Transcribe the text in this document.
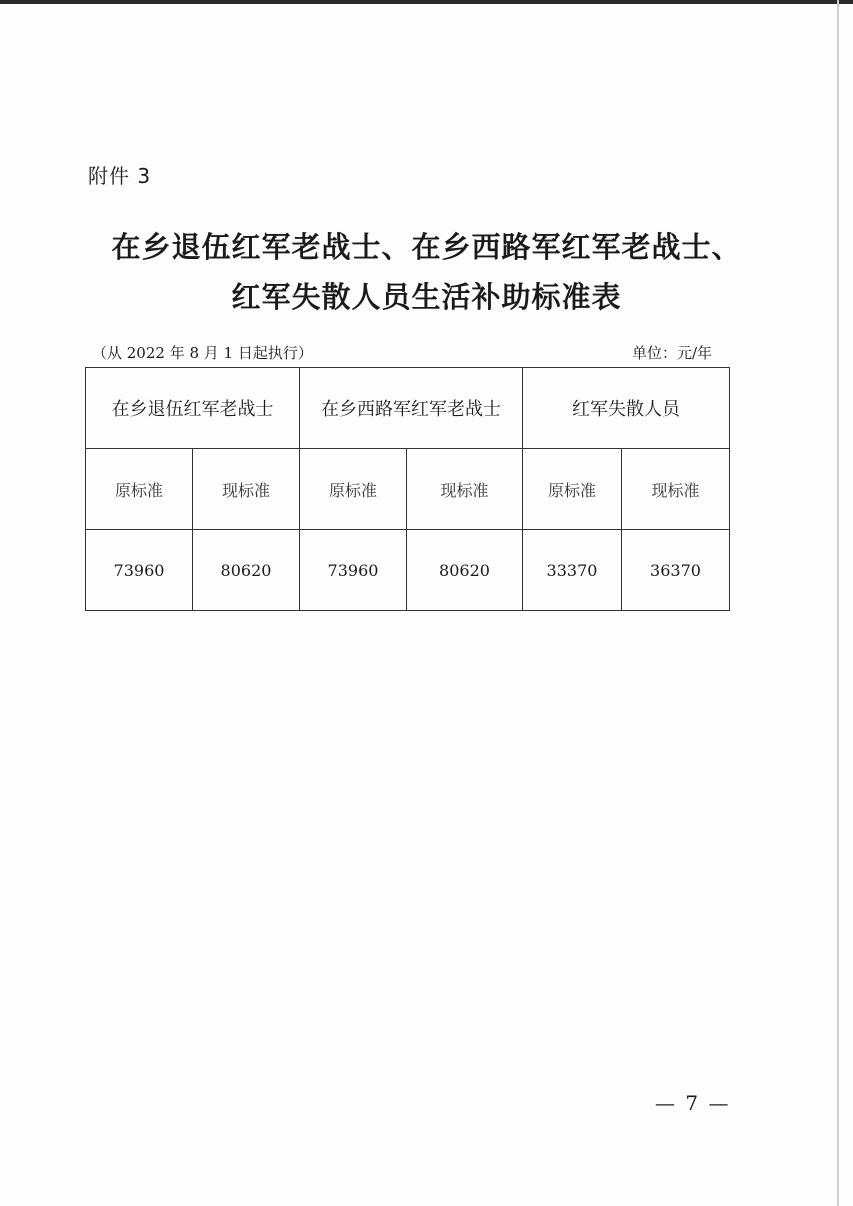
附件 3
在乡退伍红军老战士、在乡西路军红军老战士、
红军失散人员生活补助标准表
（从 2022 年 8 月 1 日起执行）	单位：元/年
在乡退伍红军老战士		在乡西路军红军老战士		红军失散人员	
原标准	现标准	原标准	现标准	原标准	现标准
73960	80620	73960	80620	33370	36370
— 7 —
